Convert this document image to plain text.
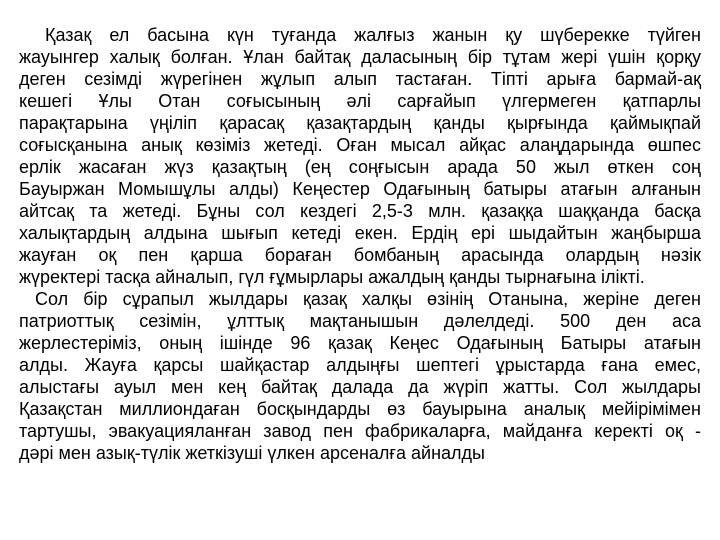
Қазақ ел басына күн туғанда жалғыз жанын қу шүберекке түйген
жауынгер халық болған. Ұлан байтақ даласының бір тұтам жері үшін қорқу
деген сезімді жүрегінен жұлып алып тастаған. Тіпті арыға бармай-ақ
кешегі Ұлы Отан соғысының әлі сарғайып үлгермеген қатпарлы
парақтарына үңіліп қарасақ қазақтардың қанды қырғында қаймықпай
соғысқанына анық көзіміз жетеді. Оған мысал айқас алаңдарында өшпес
ерлік жасаған жүз қазақтың (ең соңғысын арада 50 жыл өткен соң
Бауыржан Момышұлы алды) Кеңестер Одағының батыры атағын алғанын
айтсақ та жетеді. Бұны сол кездегі 2,5-3 млн. қазаққа шаққанда басқа
халықтардың алдына шығып кетеді екен. Ердің ері шыдайтын жаңбырша
жауған оқ пен қарша бораған бомбаның арасында олардың нәзік
жүректері тасқа айналып, гүл ғұмырлары ажалдың қанды тырнағына ілікті.
Сол бір сұрапыл жылдары қазақ халқы өзінің Отанына, жеріне деген
патриоттық сезімін, ұлттық мақтанышын дәлелдеді. 500 ден аса
жерлестеріміз, оның ішінде 96 қазақ Кеңес Одағының Батыры атағын
алды. Жауға қарсы шайқастар алдыңғы шептегі ұрыстарда ғана емес,
алыстағы ауыл мен кең байтақ далада да жүріп жатты. Сол жылдары
Қазақстан миллиондаған босқындарды өз бауырына аналық мейірімімен
тартушы, эвакуацияланған завод пен фабрикаларға, майданға керекті оқ -
дәрі мен азық-түлік жеткізуші үлкен арсеналға айналды
